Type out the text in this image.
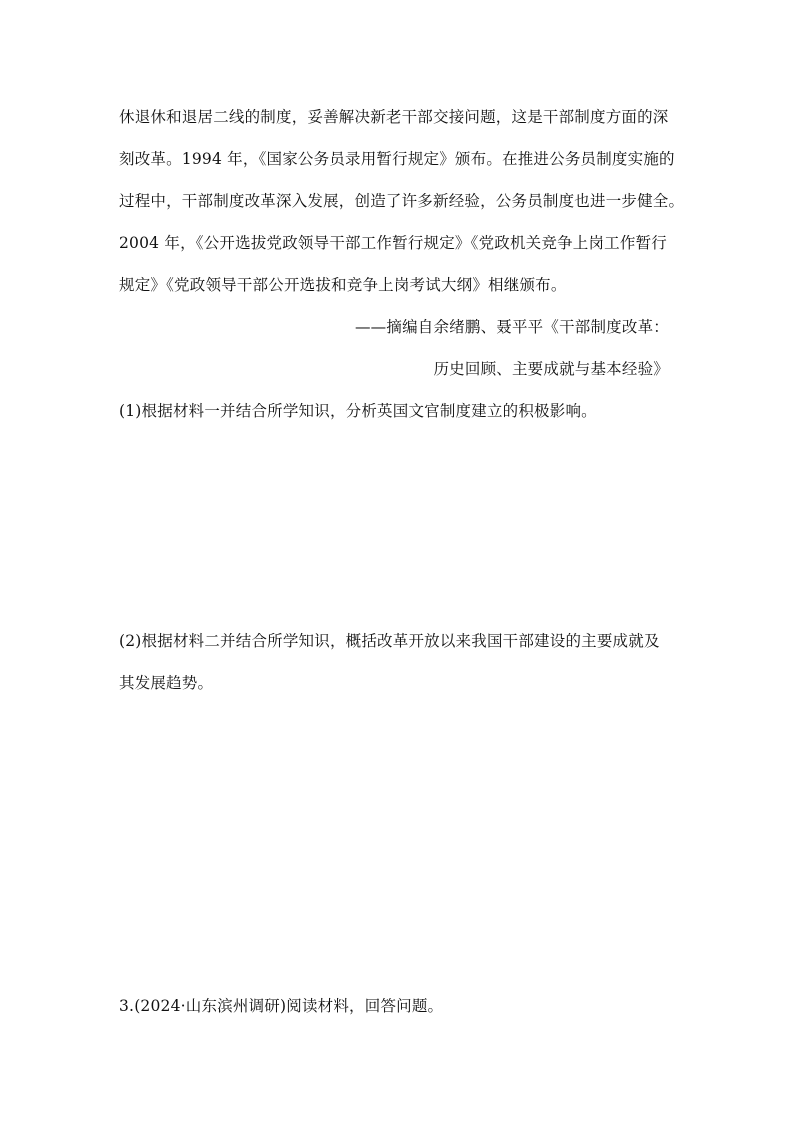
休退休和退居二线的制度，妥善解决新老干部交接问题，这是干部制度方面的深
刻改革。1994 年，《国家公务员录用暂行规定》颁布。在推进公务员制度实施的
过程中，干部制度改革深入发展，创造了许多新经验，公务员制度也进一步健全。
2004 年，《公开选拔党政领导干部工作暂行规定》《党政机关竞争上岗工作暂行
规定》《党政领导干部公开选拔和竞争上岗考试大纲》相继颁布。
——摘编自余绪鹏、聂平平《干部制度改革：
历史回顾、主要成就与基本经验》
(1)根据材料一并结合所学知识，分析英国文官制度建立的积极影响。
(2)根据材料二并结合所学知识，概括改革开放以来我国干部建设的主要成就及
其发展趋势。
3.(2024·山东滨州调研)阅读材料，回答问题。
